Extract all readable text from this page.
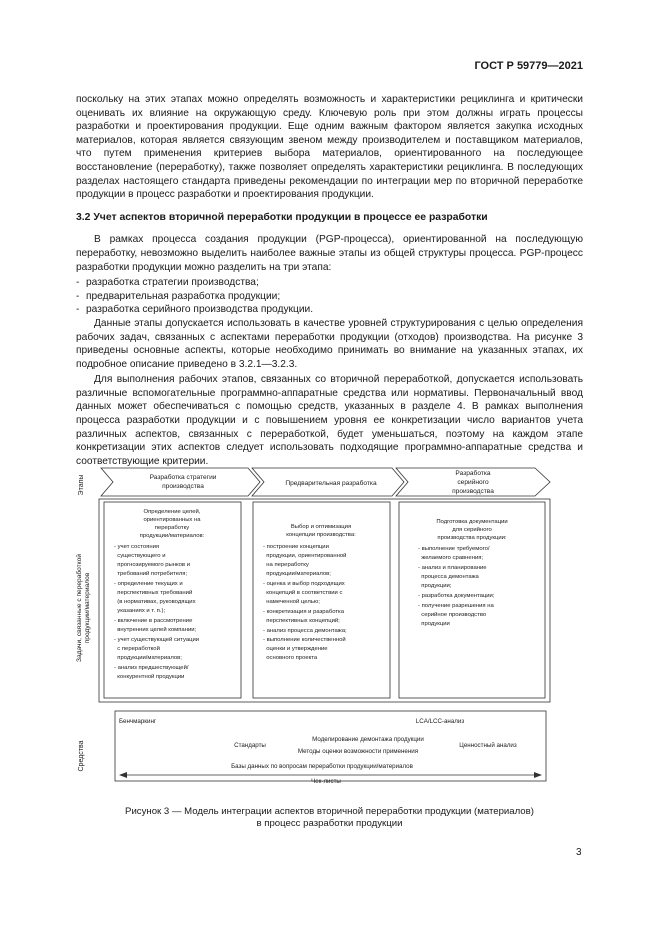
ГОСТ Р 59779—2021

поскольку на этих этапах можно определять возможность и характеристики рециклинга и критически оценивать их влияние на окружающую среду. Ключевую роль при этом должны играть процессы разработки и проектирования продукции. Еще одним важным фактором является закупка исходных материалов, которая является связующим звеном между производителем и поставщиком материалов, что путем применения критериев выбора материалов, ориентированного на последующее восстановление (переработку), также позволяет определять характеристики рециклинга. В последующих разделах настоящего стандарта приведены рекомендации по интеграции мер по вторичной переработке продукции в процесс разработки и проектирования продукции.

3.2 Учет аспектов вторичной переработки продукции в процессе ее разработки

В рамках процесса создания продукции (PGP-процесса), ориентированной на последующую переработку, невозможно выделить наиболее важные этапы из общей структуры процесса. PGP-процесс разработки продукции можно разделить на три этапа:

- разработка стратегии производства;
- предварительная разработка продукции;
- разработка серийного производства продукции.

Данные этапы допускается использовать в качестве уровней структурирования с целью определения рабочих задач, связанных с аспектами переработки продукции (отходов) производства. На рисунке 3 приведены основные аспекты, которые необходимо принимать во внимание на указанных этапах, их подробное описание приведено в 3.2.1—3.2.3.

Для выполнения рабочих этапов, связанных со вторичной переработкой, допускается использовать различные вспомогательные программно-аппаратные средства или нормативы. Первоначальный ввод данных может обеспечиваться с помощью средств, указанных в разделе 4. В рамках выполнения процесса разработки продукции и с повышением уровня ее конкретизации число вариантов учета различных аспектов, связанных с переработкой, будет уменьшаться, поэтому на каждом этапе конкретизации этих аспектов следует использовать подходящие программно-аппаратные средства и соответствующие критерии.

Этапы
Задачи, связанные с переработкой продукции/материалов
Средства
Разработка стратегии
производства	Предварительная разработка
Разработка
серийного
производства
Определение целей,
ориентированных на
переработку
продукции/материалов:
- учет состояния
существующего и
прогнозируемого рынков и
требований потребителя;
- определение текущих и
перспективных требований
(в нормативах, руководящих
указаниях и т. п.);
- включение в рассмотрение
внутренних целей компании;
- учет существующей ситуации
с переработкой
продукции/материалов;
- анализ предшествующей/
конкурентной продукции
Выбор и оптимизация
концепции производства:
- построение концепции
продукции, ориентированной
на переработку
продукции/материалов;
- оценка и выбор подходящих
концепций в соответствии с
намеченной целью;
- конкретизация и разработка
перспективных концепций;
- анализ процесса демонтажа;
- выполнение количественной
оценки и утверждение
основного проекта
Подготовка документации
для серийного
производства продукции:
- выполнение требуемого/
желаемого сравнения;
- анализ и планирование
процесса демонтажа
продукции;
- разработка документации;
- получение разрешения на
серийное производство
продукции
Бенчмаркинг	LCA/LCC-анализ
Стандарты
Моделирование демонтажа продукции
Методы оценки возможности применения
Ценностный анализ
Базы данных по вопросам переработки продукции/материалов
Чек-листы
Рисунок 3 — Модель интеграции аспектов вторичной переработки продукции (материалов)
в процесс разработки продукции
3
